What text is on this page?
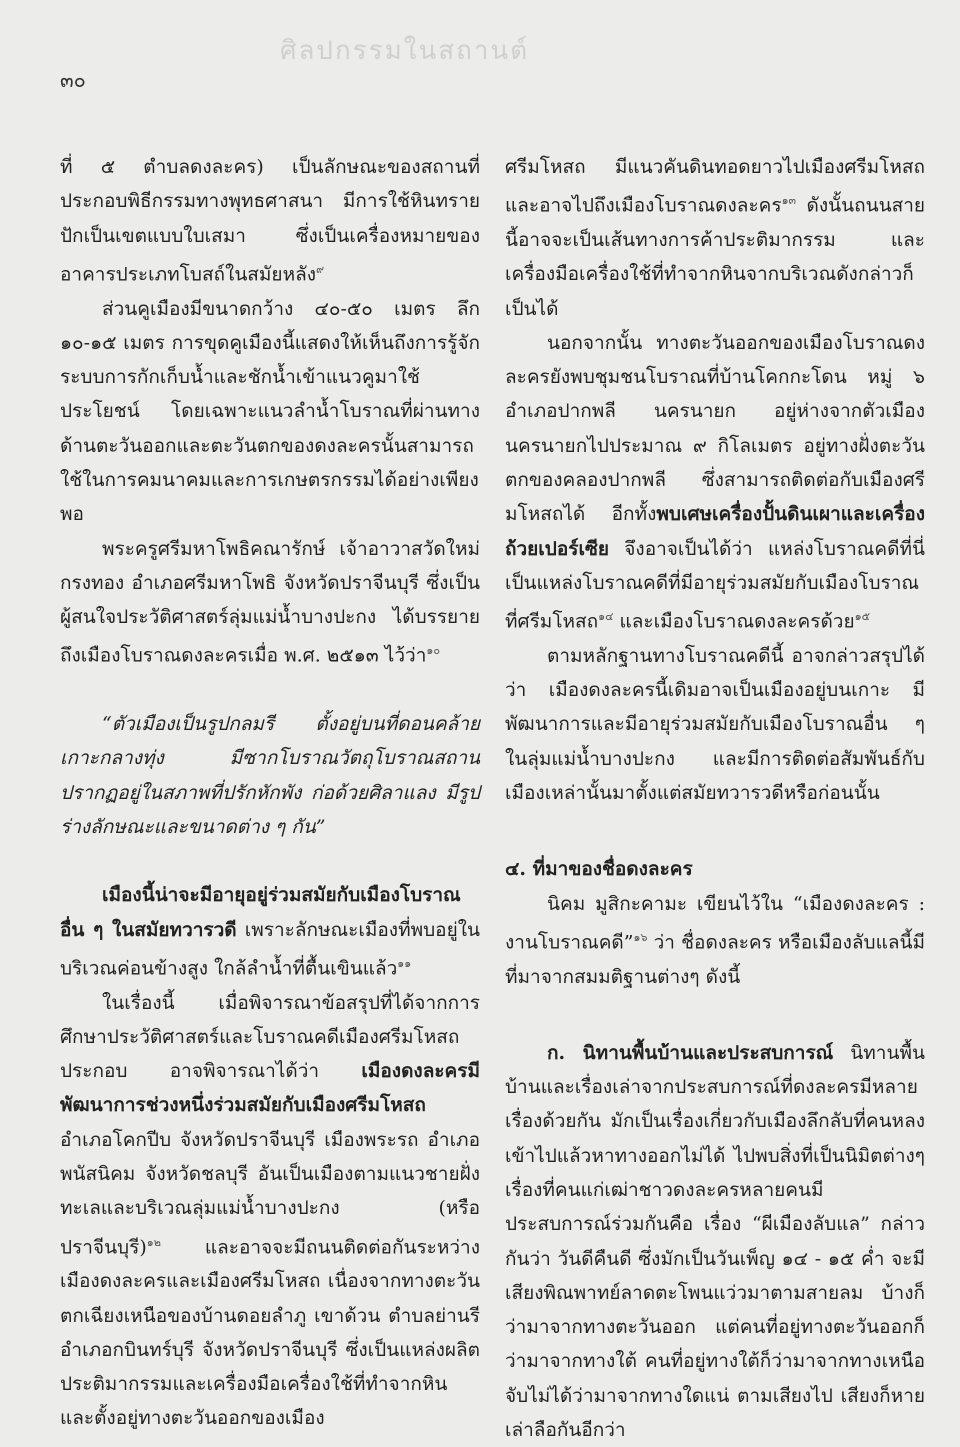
ศิลปกรรมในสถานต์
๓๐

ที่ ๕ ตำบลดงละคร) เป็นลักษณะของสถานที่ประกอบพิธีกรรมทางพุทธศาสนา มีการใช้หินทรายปักเป็นเขตแบบใบเสมา ซึ่งเป็นเครื่องหมายของอาคารประเภทโบสถ์ในสมัยหลัง$^๙$

ส่วนคูเมืองมีขนาดกว้าง ๔๐-๕๐ เมตร ลึก ๑๐-๑๕ เมตร การขุดคูเมืองนี้แสดงให้เห็นถึงการรู้จักระบบการกักเก็บน้ำและชักน้ำเข้าแนวคูมาใช้ประโยชน์ โดยเฉพาะแนวลำน้ำโบราณที่ผ่านทางด้านตะวันออกและตะวันตกของดงละครนั้นสามารถใช้ในการคมนาคมและการเกษตรกรรมได้อย่างเพียงพอ

พระครูศรีมหาโพธิคณารักษ์ เจ้าอาวาสวัดใหม่กรงทอง อำเภอศรีมหาโพธิ จังหวัดปราจีนบุรี ซึ่งเป็นผู้สนใจประวัติศาสตร์ลุ่มแม่น้ำบางปะกง ได้บรรยายถึงเมืองโบราณดงละครเมื่อ พ.ศ. ๒๕๑๓ ไว้ว่า$^{๑๐}$

“ตัวเมืองเป็นรูปกลมรี ตั้งอยู่บนที่ดอนคล้ายเกาะกลางทุ่ง มีซากโบราณวัตถุโบราณสถาน ปรากฏอยู่ในสภาพที่ปรักหักพัง ก่อด้วยศิลาแลง มีรูปร่างลักษณะและขนาดต่าง ๆ กัน”

เมืองนี้น่าจะมีอายุอยู่ร่วมสมัยกับเมืองโบราณอื่น ๆ ในสมัยทวารวดี เพราะลักษณะเมืองที่พบอยู่ในบริเวณค่อนข้างสูง ใกล้ลำน้ำที่ตื้นเขินแล้ว$^{๑๑}$

ในเรื่องนี้ เมื่อพิจารณาข้อสรุปที่ได้จากการศึกษาประวัติศาสตร์และโบราณคดีเมืองศรีมโหสถประกอบ อาจพิจารณาได้ว่า เมืองดงละครมีพัฒนาการช่วงหนึ่งร่วมสมัยกับเมืองศรีมโหสถ อำเภอโคกปีบ จังหวัดปราจีนบุรี เมืองพระรถ อำเภอพนัสนิคม จังหวัดชลบุรี อันเป็นเมืองตามแนวชายฝั่งทะเลและบริเวณลุ่มแม่น้ำบางปะกง (หรือปราจีนบุรี)$^{๑๒}$ และอาจจะมีถนนติดต่อกันระหว่างเมืองดงละครและเมืองศรีมโหสถ เนื่องจากทางตะวันตกเฉียงเหนือของบ้านดอยลำภู เขาด้วน ตำบลย่านรี อำเภอกบินทร์บุรี จังหวัดปราจีนบุรี ซึ่งเป็นแหล่งผลิตประติมากรรมและเครื่องมือเครื่องใช้ที่ทำจากหิน และตั้งอยู่ทางตะวันออกของเมือง

ศรีมโหสถ มีแนวคันดินทอดยาวไปเมืองศรีมโหสถและอาจไปถึงเมืองโบราณดงละคร$^{๑๓}$ ดังนั้นถนนสายนี้อาจจะเป็นเส้นทางการค้าประติมากรรม และเครื่องมือเครื่องใช้ที่ทำจากหินจากบริเวณดังกล่าวก็เป็นได้

นอกจากนั้น ทางตะวันออกของเมืองโบราณดงละครยังพบชุมชนโบราณที่บ้านโคกกะโดน หมู่ ๖ อำเภอปากพลี นครนายก อยู่ห่างจากตัวเมืองนครนายกไปประมาณ ๙ กิโลเมตร อยู่ทางฝั่งตะวันตกของคลองปากพลี ซึ่งสามารถติดต่อกับเมืองศรีมโหสถได้ อีกทั้งพบเศษเครื่องปั้นดินเผาและเครื่องถ้วยเปอร์เซีย จึงอาจเป็นได้ว่า แหล่งโบราณคดีที่นี่เป็นแหล่งโบราณคดีที่มีอายุร่วมสมัยกับเมืองโบราณที่ศรีมโหสถ$^{๑๔}$ และเมืองโบราณดงละครด้วย$^{๑๕}$

ตามหลักฐานทางโบราณคดีนี้ อาจกล่าวสรุปได้ว่า เมืองดงละครนี้เดิมอาจเป็นเมืองอยู่บนเกาะ มีพัฒนาการและมีอายุร่วมสมัยกับเมืองโบราณอื่น ๆ ในลุ่มแม่น้ำบางปะกง และมีการติดต่อสัมพันธ์กับเมืองเหล่านั้นมาตั้งแต่สมัยทวารวดีหรือก่อนนั้น

๔. ที่มาของชื่อดงละคร

นิคม มูสิกะคามะ เขียนไว้ใน “เมืองดงละคร : งานโบราณคดี”$^{๑๖}$ ว่า ชื่อดงละคร หรือเมืองลับแลนี้มีที่มาจากสมมติฐานต่างๆ ดังนี้

ก. นิทานพื้นบ้านและประสบการณ์ นิทานพื้นบ้านและเรื่องเล่าจากประสบการณ์ที่ดงละครมีหลายเรื่องด้วยกัน มักเป็นเรื่องเกี่ยวกับเมืองลึกลับที่คนหลงเข้าไปแล้วหาทางออกไม่ได้ ไปพบสิ่งที่เป็นนิมิตต่างๆ เรื่องที่คนแก่เฒ่าชาวดงละครหลายคนมีประสบการณ์ร่วมกันคือ เรื่อง “ผีเมืองลับแล” กล่าวกันว่า วันดีคืนดี ซึ่งมักเป็นวันเพ็ญ ๑๔ - ๑๕ ค่ำ จะมีเสียงพิณพาทย์ลาดตะโพนแว่วมาตามสายลม บ้างก็ว่ามาจากทางตะวันออก แต่คนที่อยู่ทางตะวันออกก็ว่ามาจากทางใต้ คนที่อยู่ทางใต้ก็ว่ามาจากทางเหนือ จับไม่ได้ว่ามาจากทางใดแน่ ตามเสียงไป เสียงก็หาย เล่าลือกันอีกว่า
